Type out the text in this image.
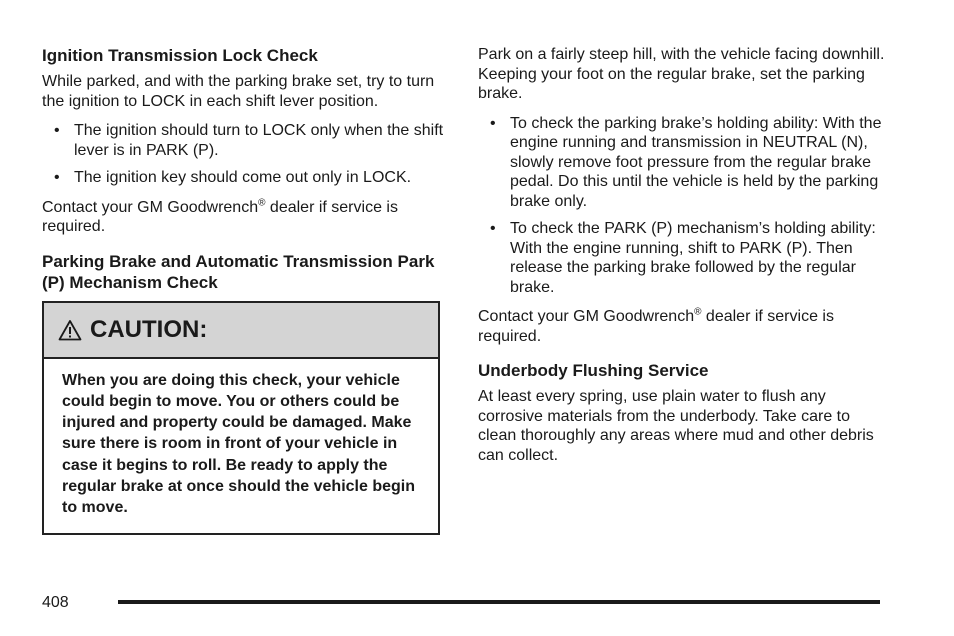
Ignition Transmission Lock Check

While parked, and with the parking brake set, try to turn the ignition to LOCK in each shift lever position.

• The ignition should turn to LOCK only when the shift lever is in PARK (P).
• The ignition key should come out only in LOCK.

Contact your GM Goodwrench® dealer if service is required.

Parking Brake and Automatic Transmission Park (P) Mechanism Check
CAUTION:
When you are doing this check, your vehicle could begin to move. You or others could be injured and property could be damaged. Make sure there is room in front of your vehicle in case it begins to roll. Be ready to apply the regular brake at once should the vehicle begin to move.

Park on a fairly steep hill, with the vehicle facing downhill. Keeping your foot on the regular brake, set the parking brake.

• To check the parking brake’s holding ability: With the engine running and transmission in NEUTRAL (N), slowly remove foot pressure from the regular brake pedal. Do this until the vehicle is held by the parking brake only.
• To check the PARK (P) mechanism’s holding ability: With the engine running, shift to PARK (P). Then release the parking brake followed by the regular brake.

Contact your GM Goodwrench® dealer if service is required.

Underbody Flushing Service

At least every spring, use plain water to flush any corrosive materials from the underbody. Take care to clean thoroughly any areas where mud and other debris can collect.

408
